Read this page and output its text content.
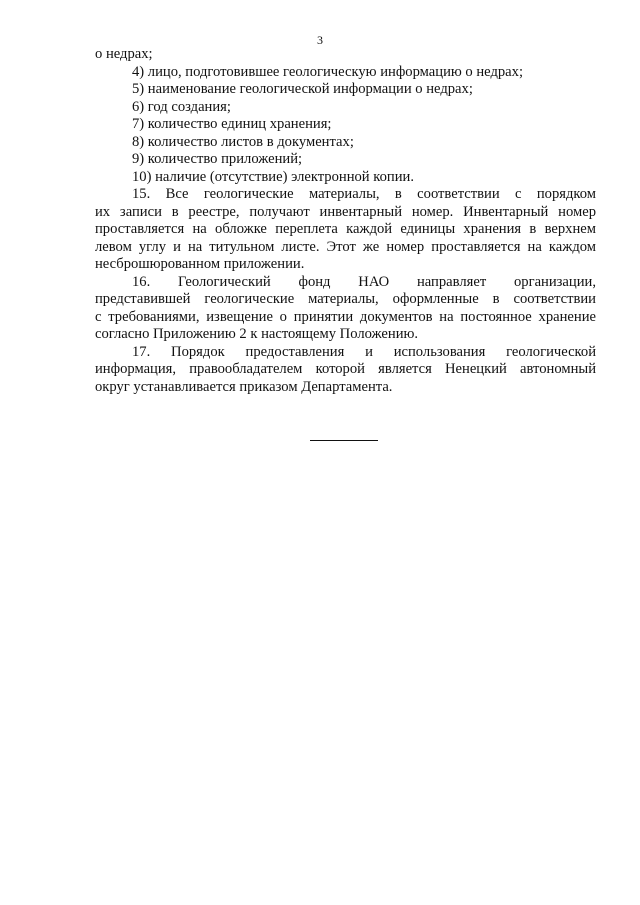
3

о недрах;

4) лицо, подготовившее геологическую информацию о недрах;

5) наименование геологической информации о недрах;

6) год создания;

7) количество единиц хранения;

8) количество листов в документах;

9) количество приложений;

10) наличие (отсутствие) электронной копии.

15. Все геологические материалы, в соответствии с порядком

их записи в реестре, получают инвентарный номер. Инвентарный номер

проставляется на обложке переплета каждой единицы хранения в верхнем

левом углу и на титульном листе. Этот же номер проставляется на каждом

несброшюрованном приложении.

16. Геологический фонд НАО направляет организации,

представившей геологические материалы, оформленные в соответствии

с требованиями, извещение о принятии документов на постоянное хранение

согласно Приложению 2 к настоящему Положению.

17. Порядок предоставления и использования геологической

информация, правообладателем которой является Ненецкий автономный

округ устанавливается приказом Департамента.
